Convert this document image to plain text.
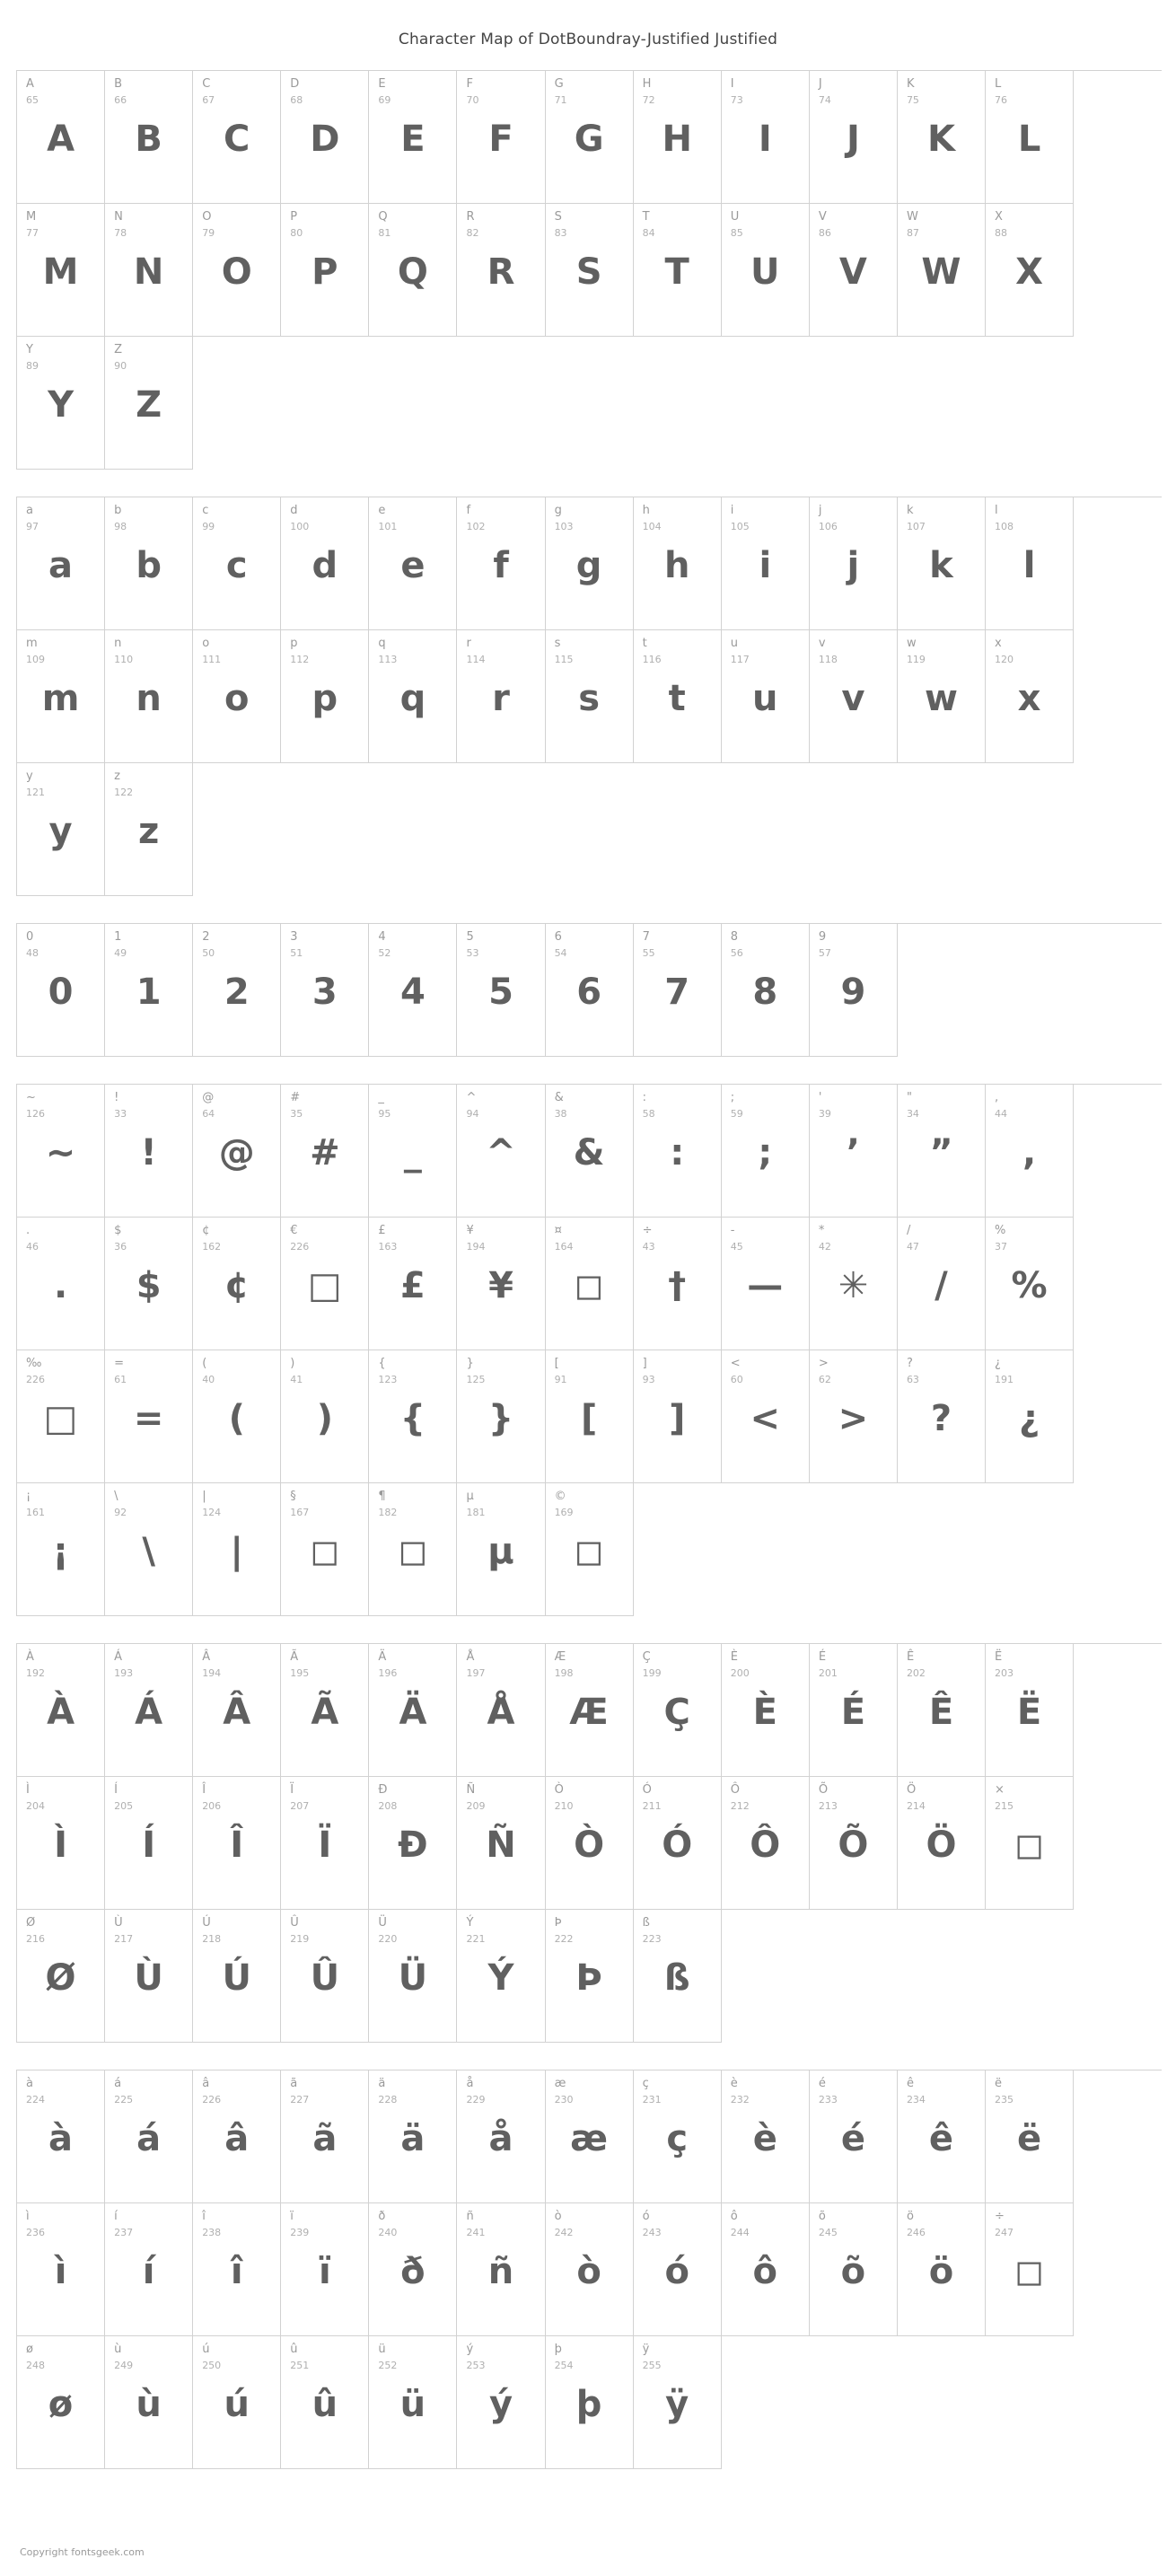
Character Map of DotBoundray-Justified Justified
A
65
A
B
66
B
C
67
C
D
68
D
E
69
E
F
70
F
G
71
G
H
72
H
I
73
I
J
74
J
K
75
K
L
76
L
M
77
M
N
78
N
O
79
O
P
80
P
Q
81
Q
R
82
R
S
83
S
T
84
T
U
85
U
V
86
V
W
87
W
X
88
X
Y
89
Y
Z
90
Z
a
97
a
b
98
b
c
99
c
d
100
d
e
101
e
f
102
f
g
103
g
h
104
h
i
105
i
j
106
j
k
107
k
l
108
l
m
109
m
n
110
n
o
111
o
p
112
p
q
113
q
r
114
r
s
115
s
t
116
t
u
117
u
v
118
v
w
119
w
x
120
x
y
121
y
z
122
z
0
48
0
1
49
1
2
50
2
3
51
3
4
52
4
5
53
5
6
54
6
7
55
7
8
56
8
9
57
9
~
126
~
!
33
!
@
64
@
#
35
#
_
95
_
^
94
^
&
38
&
:
58
:
;
59
;
'
39
’
"
34
”
,
44
,
.
46
.
$
36
$
¢
162
¢
€
226
□
£
163
£
¥
194
¥
¤
164
◻
÷
43
†
-
45
—
*
42
✳
/
47
/
%
37
%
‰
226
□
=
61
=
(
40
(
)
41
)
{
123
{
}
125
}
[
91
[
]
93
]
<
60
<
>
62
>
?
63
?
¿
191
¿
¡
161
¡
\
92
\
|
124
|
§
167
◻
¶
182
◻
µ
181
µ
©
169
◻
À
192
À
Á
193
Á
Â
194
Â
Ã
195
Ã
Ä
196
Ä
Å
197
Å
Æ
198
Æ
Ç
199
Ç
È
200
È
É
201
É
Ê
202
Ê
Ë
203
Ë
Ì
204
Ì
Í
205
Í
Î
206
Î
Ï
207
Ï
Ð
208
Ð
Ñ
209
Ñ
Ò
210
Ò
Ó
211
Ó
Ô
212
Ô
Õ
213
Õ
Ö
214
Ö
×
215
◻
Ø
216
Ø
Ù
217
Ù
Ú
218
Ú
Û
219
Û
Ü
220
Ü
Ý
221
Ý
Þ
222
Þ
ß
223
ß
à
224
à
á
225
á
â
226
â
ã
227
ã
ä
228
ä
å
229
å
æ
230
æ
ç
231
ç
è
232
è
é
233
é
ê
234
ê
ë
235
ë
ì
236
ì
í
237
í
î
238
î
ï
239
ï
ð
240
ð
ñ
241
ñ
ò
242
ò
ó
243
ó
ô
244
ô
õ
245
õ
ö
246
ö
÷
247
◻
ø
248
ø
ù
249
ù
ú
250
ú
û
251
û
ü
252
ü
ý
253
ý
þ
254
þ
ÿ
255
ÿ
Copyright fontsgeek.com
